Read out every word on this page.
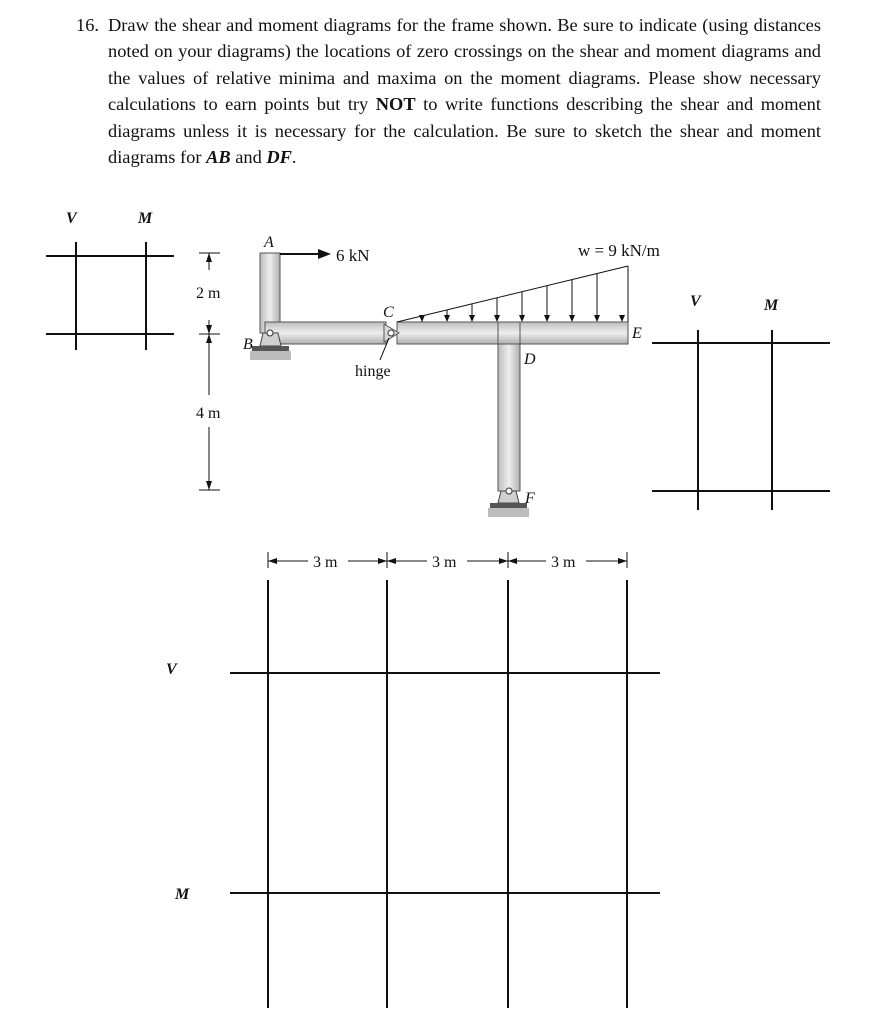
16. Draw the shear and moment diagrams for the frame shown. Be sure to indicate (using distances noted on your diagrams) the locations of zero crossings on the shear and moment diagrams and the values of relative minima and maxima on the moment diagrams. Please show necessary calculations to earn points but try NOT to write functions describing the shear and moment diagrams unless it is necessary for the calculation. Be sure to sketch the shear and moment diagrams for AB and DF.
V	M
2 m
4 m
hinge
B
F
A
C
D
E
6 kN	w = 9 kN/m
3 m	3 m	3 m
V	M
V
M
